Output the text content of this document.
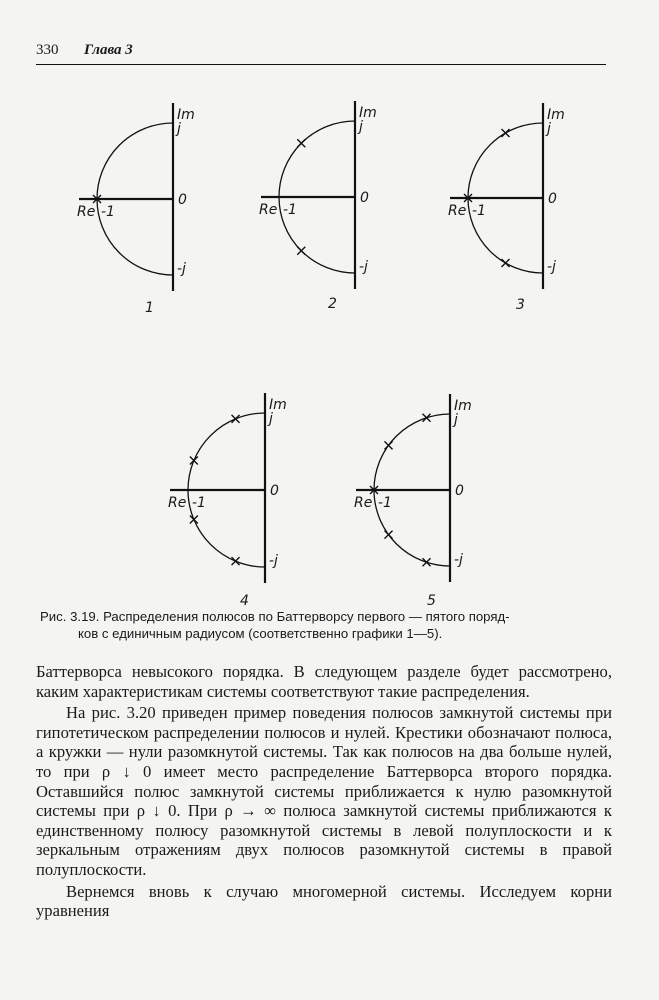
330 Глава 3
Im
j
-j
0
Re -1
1
Im
j
-j
0
Re -1
2
Im
j
-j
0
Re -1
3
Im
j
-j
0
Re -1
4
Im
j
-j
0
Re -1
5
Рис. 3.19. Распределения полюсов по Баттерворсу первого — пятого поряд-
ков с единичным радиусом (соответственно графики 1—5).

Баттерворса невысокого порядка. В следующем разделе будет рассмотрено, каким характеристикам системы соответствуют такие распределения.

На рис. 3.20 приведен пример поведения полюсов замкнутой системы при гипотетическом распределении полюсов и нулей. Крестики обозначают полюса, а кружки — нули разомкнутой системы. Так как полюсов на два больше нулей, то при ρ ↓ 0 имеет место распределение Баттерворса второго порядка. Оставшийся полюс замкнутой системы приближается к нулю разомкнутой системы при ρ ↓ 0. При ρ → ∞ полюса замкнутой системы приближаются к единственному полюсу разомкнутой системы в левой полуплоскости и к зеркальным отражениям двух полюсов разомкнутой системы в правой полуплоскости.

Вернемся вновь к случаю многомерной системы. Исследуем корни уравнения
